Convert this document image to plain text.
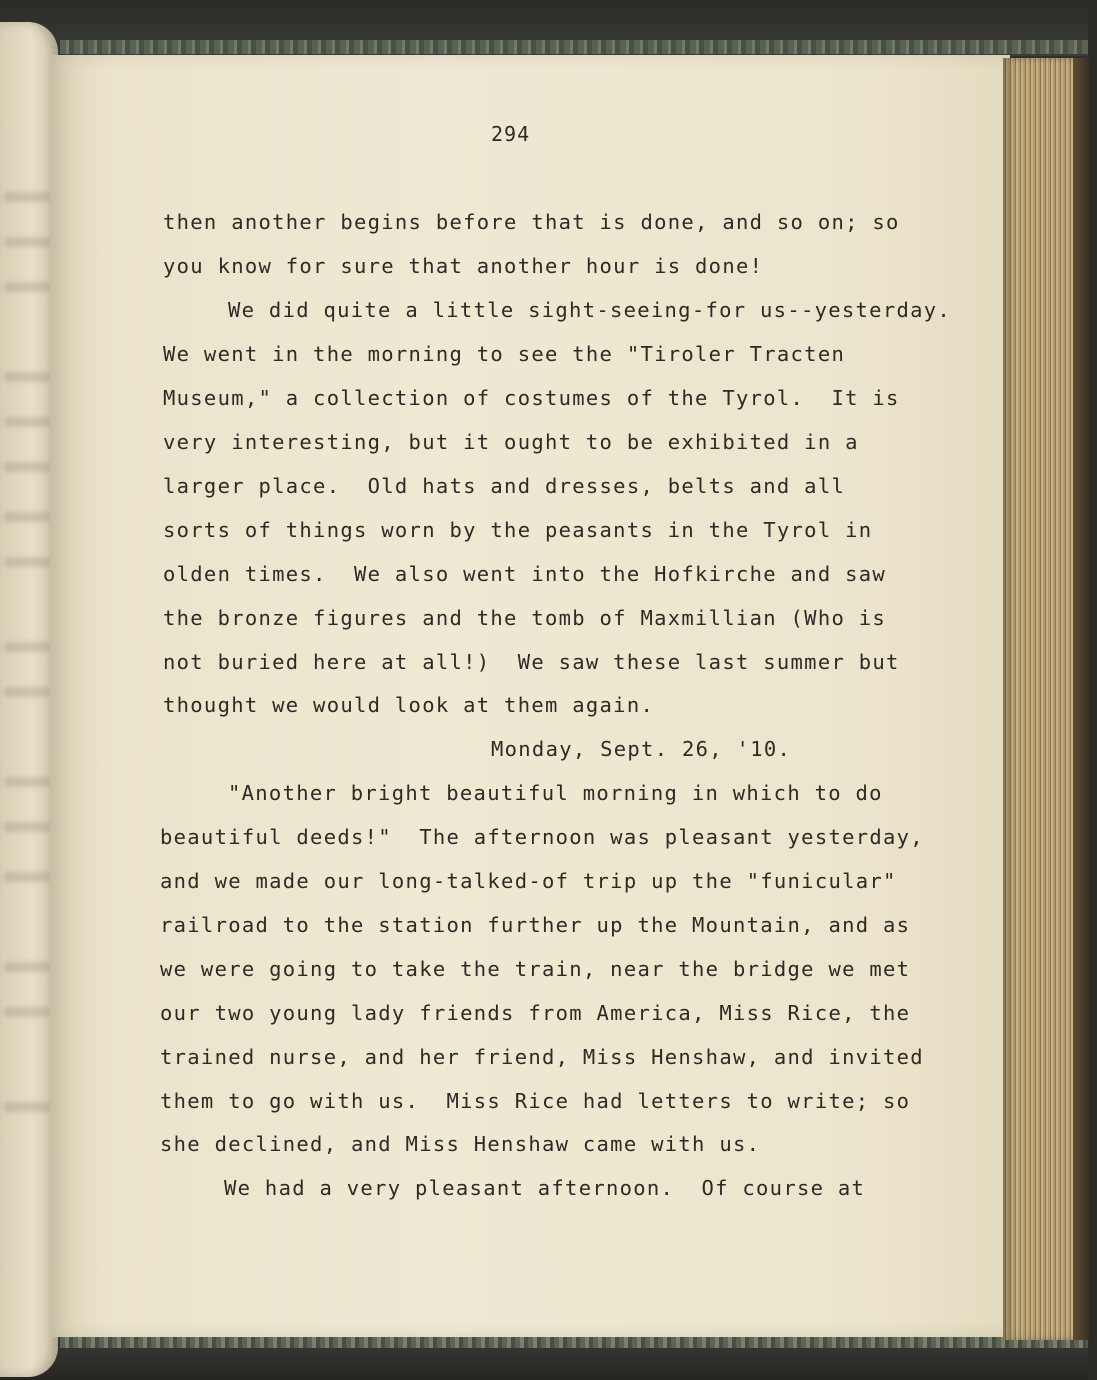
294
then another begins before that is done, and so on; so
you know for sure that another hour is done!
We did quite a little sight-seeing-for us--yesterday.
We went in the morning to see the "Tiroler Tracten
Museum," a collection of costumes of the Tyrol.  It is
very interesting, but it ought to be exhibited in a
larger place.  Old hats and dresses, belts and all
sorts of things worn by the peasants in the Tyrol in
olden times.  We also went into the Hofkirche and saw
the bronze figures and the tomb of Maxmillian (Who is
not buried here at all!)  We saw these last summer but
thought we would look at them again.
Monday, Sept. 26, '10.
"Another bright beautiful morning in which to do
beautiful deeds!"  The afternoon was pleasant yesterday,
and we made our long-talked-of trip up the "funicular"
railroad to the station further up the Mountain, and as
we were going to take the train, near the bridge we met
our two young lady friends from America, Miss Rice, the
trained nurse, and her friend, Miss Henshaw, and invited
them to go with us.  Miss Rice had letters to write; so
she declined, and Miss Henshaw came with us.
We had a very pleasant afternoon.  Of course at
